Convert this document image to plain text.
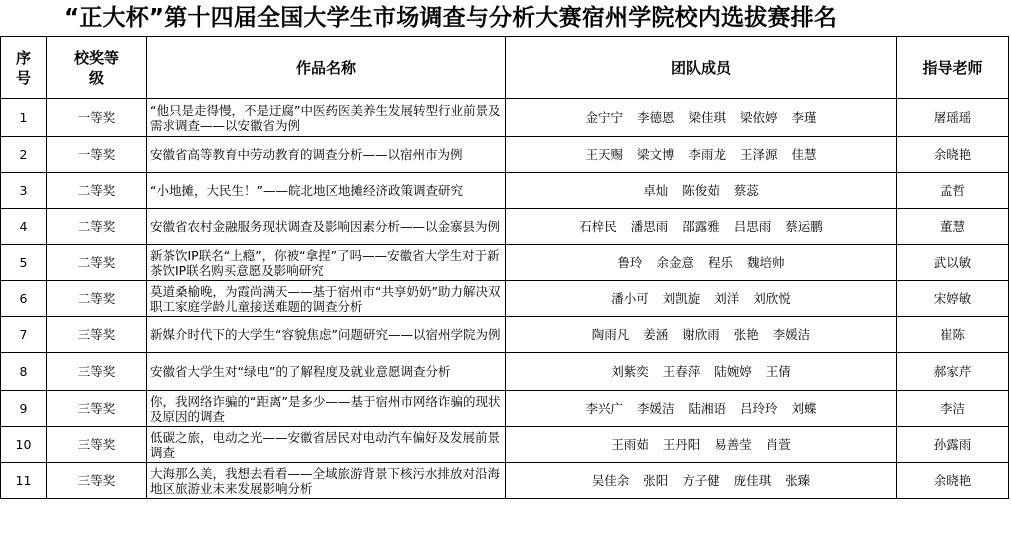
“正大杯”第十四届全国大学生市场调查与分析大赛宿州学院校内选拔赛排名
序号	校奖等级	作品名称	团队成员	指导老师
1	一等奖	“他只是走得慢，不是迂腐”中医药医美养生发展转型行业前景及需求调查——以安徽省为例	金宁宁 李德恩 梁佳琪 梁依婷 李瑾	屠瑶瑶
2	一等奖	安徽省高等教育中劳动教育的调查分析——以宿州市为例	王天赐 梁文博 李雨龙 王泽源 佳慧	余晓艳
3	二等奖	“小地摊，大民生！”——皖北地区地摊经济政策调查研究	卓灿 陈俊茹 蔡蕊	孟哲
4	二等奖	安徽省农村金融服务现状调查及影响因素分析——以金寨县为例	石梓民 潘思雨 邵露雅 吕思雨 蔡运鹏	董慧
5	二等奖	新茶饮IP联名“上瘾”，你被“拿捏”了吗——安徽省大学生对于新茶饮IP联名购买意愿及影响研究	鲁玲 余金意 程乐 魏培帅	武以敏
6	二等奖	莫道桑榆晚，为霞尚满天——基于宿州市“共享奶奶”助力解决双职工家庭学龄儿童接送难题的调查分析	潘小可 刘凯旋 刘洋 刘欣悦	宋婷敏
7	三等奖	新媒介时代下的大学生“容貌焦虑”问题研究——以宿州学院为例	陶雨凡 姜涵 谢欣雨 张艳 李媛洁	崔陈
8	三等奖	安徽省大学生对“绿电”的了解程度及就业意愿调查分析	刘紫奕 王春萍 陆婉婷 王倩	郝家芹
9	三等奖	你，我网络诈骗的“距离”是多少——基于宿州市网络诈骗的现状及原因的调查	李兴广 李媛洁 陆湘语 吕玲玲 刘蝶	李洁
10	三等奖	低碳之旅，电动之光——安徽省居民对电动汽车偏好及发展前景调查	王雨茹 王丹阳 易善莹 肖萱	孙露雨
11	三等奖	大海那么美，我想去看看——全域旅游背景下核污水排放对沿海地区旅游业未来发展影响分析	吴佳余 张阳 方子健 庞佳琪 张臻	余晓艳
